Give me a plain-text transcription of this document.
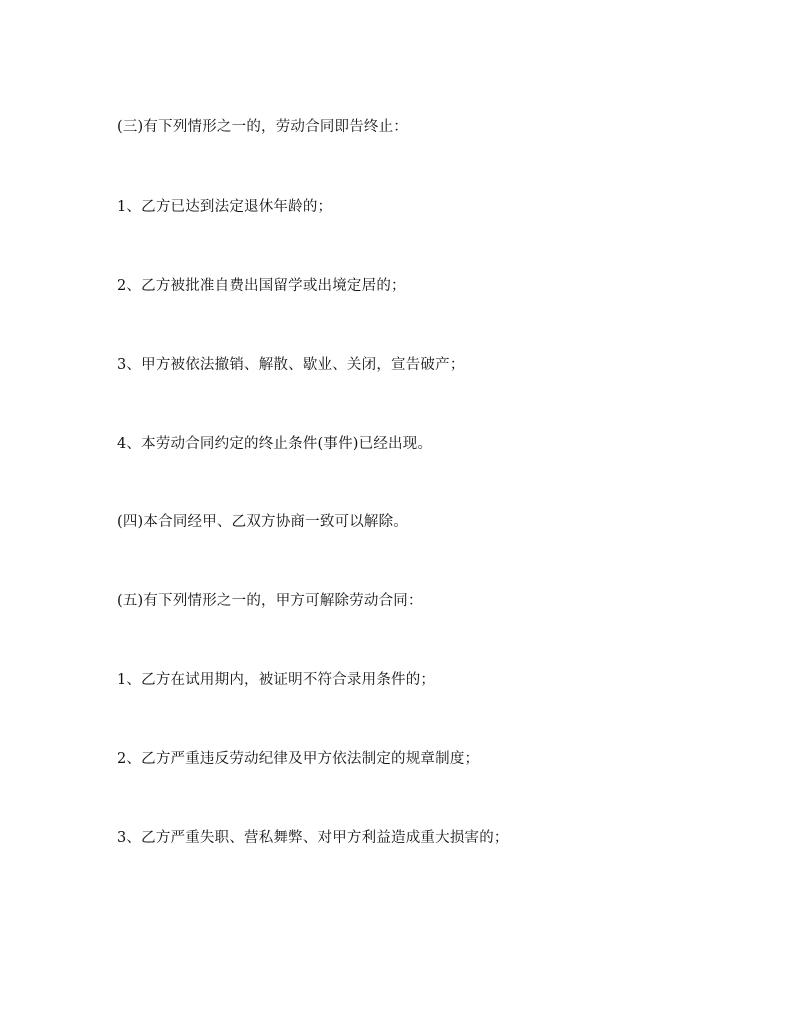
(三)有下列情形之一的，劳动合同即告终止：
1、乙方已达到法定退休年龄的；
2、乙方被批准自费出国留学或出境定居的；
3、甲方被依法撤销、解散、歇业、关闭，宣告破产；
4、本劳动合同约定的终止条件(事件)已经出现。
(四)本合同经甲、乙双方协商一致可以解除。
(五)有下列情形之一的，甲方可解除劳动合同：
1、乙方在试用期内，被证明不符合录用条件的；
2、乙方严重违反劳动纪律及甲方依法制定的规章制度；
3、乙方严重失职、营私舞弊、对甲方利益造成重大损害的；
